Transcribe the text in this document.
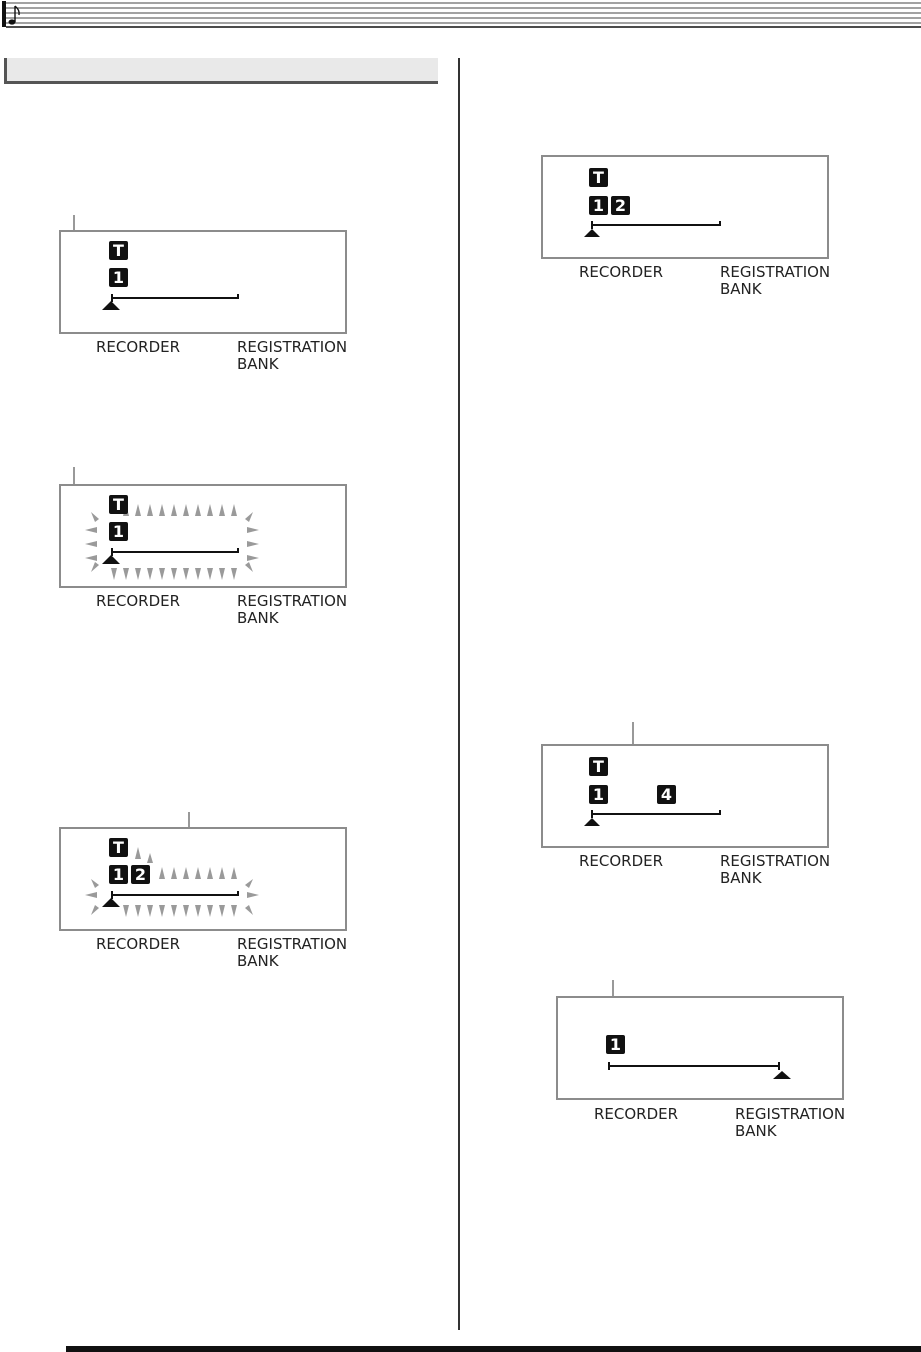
T
1
RECORDER	REGISTRATION
BANK
T
1
RECORDER	REGISTRATION
BANK
T
1 2
RECORDER	REGISTRATION
BANK
T
1 2
RECORDER	REGISTRATION
BANK
T
1	4
RECORDER	REGISTRATION
BANK
1
RECORDER	REGISTRATION
BANK
